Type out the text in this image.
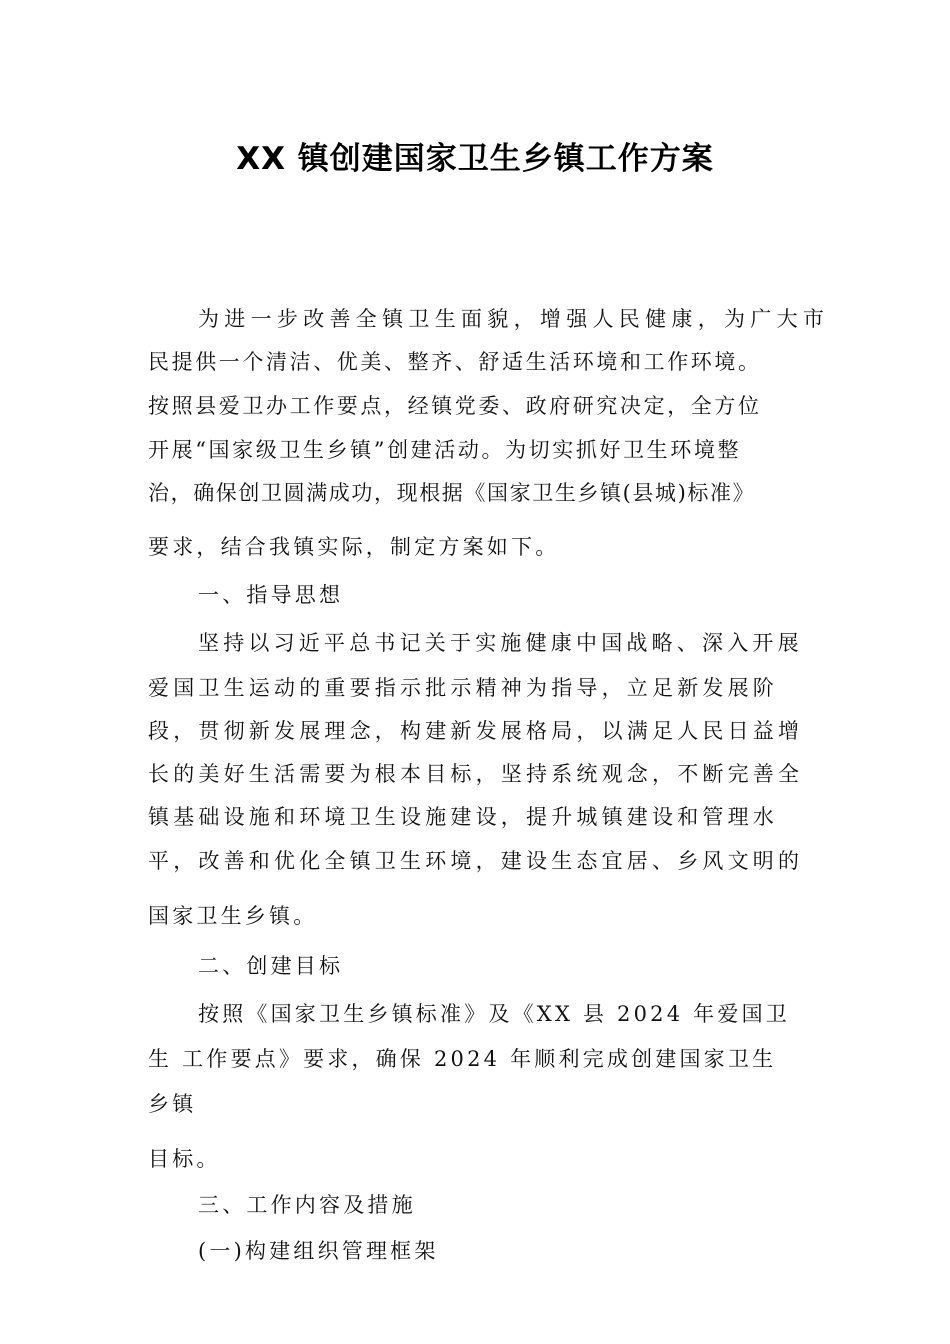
XX 镇创建国家卫生乡镇工作方案
为进一步改善全镇卫生面貌，增强人民健康，为广大市
民提供一个清洁、优美、整齐、舒适生活环境和工作环境。
按照县爱卫办工作要点，经镇党委、政府研究决定，全方位
开展“国家级卫生乡镇”创建活动。为切实抓好卫生环境整
治，确保创卫圆满成功，现根据《国家卫生乡镇(县城)标准》
要求，结合我镇实际，制定方案如下。
一、指导思想
坚持以习近平总书记关于实施健康中国战略、深入开展
爱国卫生运动的重要指示批示精神为指导，立足新发展阶
段，贯彻新发展理念，构建新发展格局，以满足人民日益增
长的美好生活需要为根本目标，坚持系统观念，不断完善全
镇基础设施和环境卫生设施建设，提升城镇建设和管理水
平，改善和优化全镇卫生环境，建设生态宜居、乡风文明的
国家卫生乡镇。
二、创建目标
按照《国家卫生乡镇标准》及《XX 县 2024 年爱国卫
生 工作要点》要求，确保 2024 年顺利完成创建国家卫生
乡镇
目标。
三、工作内容及措施
(一)构建组织管理框架
